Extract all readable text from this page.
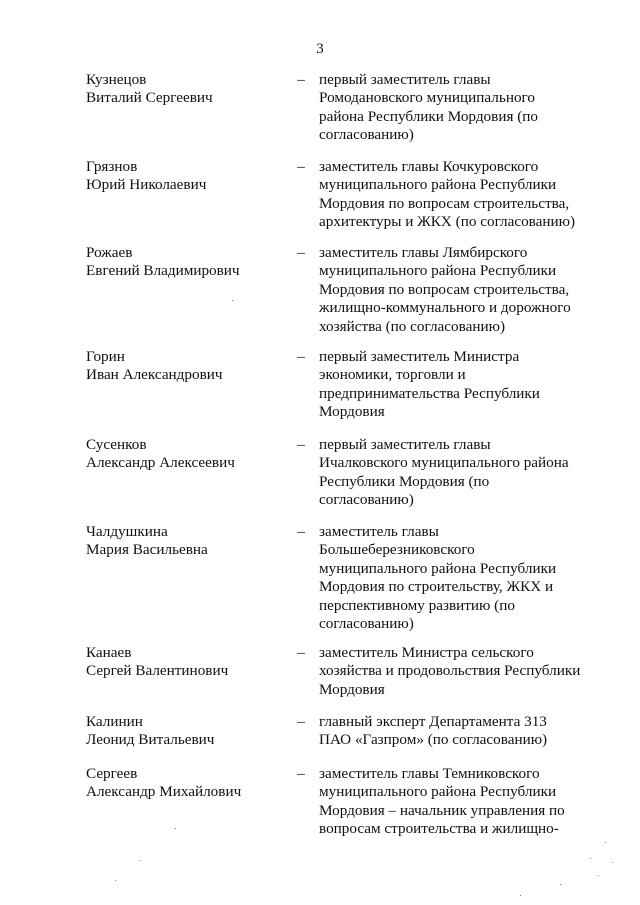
3
Кузнецов
Виталий Сергеевич
– первый заместитель главы
Ромодановского муниципального
района Республики Мордовия (по
согласованию)
Грязнов
Юрий Николаевич
– заместитель главы Кочкуровского
муниципального района Республики
Мордовия по вопросам строительства,
архитектуры и ЖКХ (по согласованию)
Рожаев
Евгений Владимирович
– заместитель главы Лямбирского
муниципального района Республики
Мордовия по вопросам строительства,
жилищно-коммунального и дорожного
хозяйства (по согласованию)
Горин
Иван Александрович
– первый заместитель Министра
экономики, торговли и
предпринимательства Республики
Мордовия
Сусенков
Александр Алексеевич
– первый заместитель главы
Ичалковского муниципального района
Республики Мордовия (по
согласованию)
Чалдушкина
Мария Васильевна
– заместитель главы
Большеберезниковского
муниципального района Республики
Мордовия по строительству, ЖКХ и
перспективному развитию (по
согласованию)
Канаев
Сергей Валентинович
– заместитель Министра сельского
хозяйства и продовольствия Республики
Мордовия
Калинин
Леонид Витальевич
– главный эксперт Департамента 313
ПАО «Газпром» (по согласованию)
Сергеев
Александр Михайлович
– заместитель главы Темниковского
муниципального района Республики
Мордовия – начальник управления по
вопросам строительства и жилищно-
